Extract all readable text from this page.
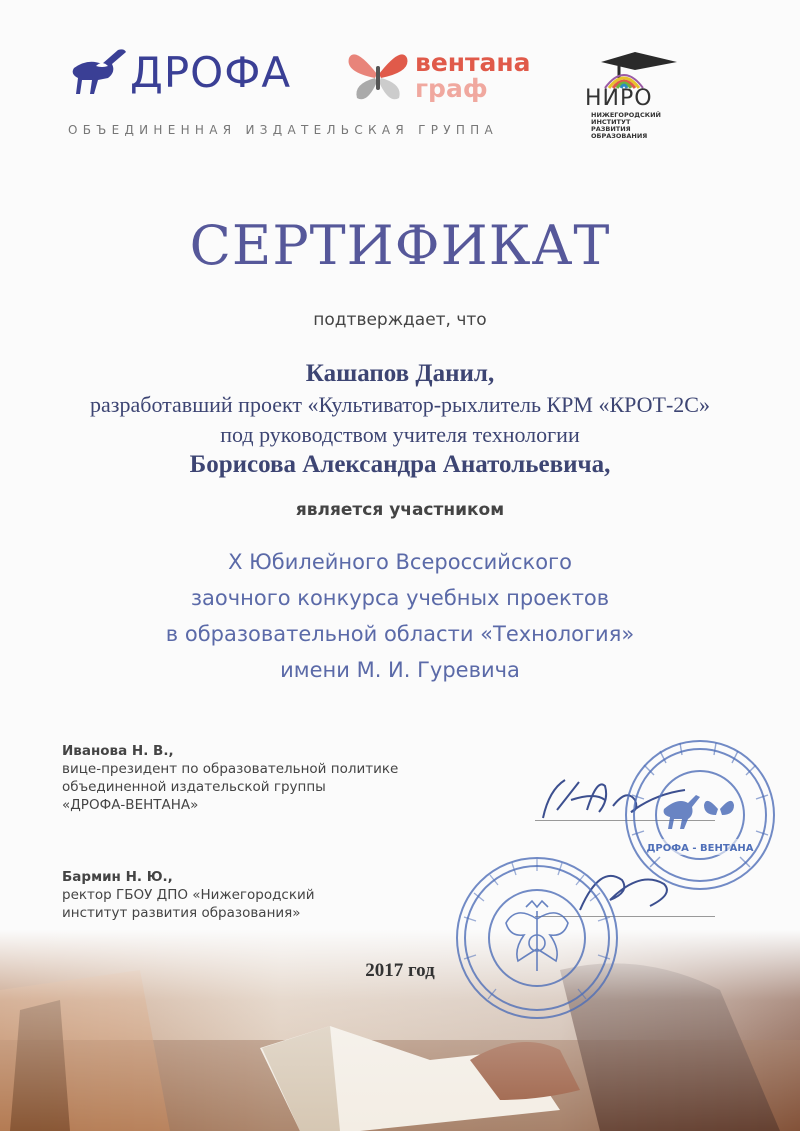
ДРОФА	вентана
граф
ОБЪЕДИНЕННАЯ ИЗДАТЕЛЬСКАЯ ГРУППА
НИРО
НИЖЕГОРОДСКИЙ
ИНСТИТУТ
РАЗВИТИЯ
ОБРАЗОВАНИЯ
СЕРТИФИКАТ
подтверждает, что
Кашапов Данил,
разработавший проект «Культиватор-рыхлитель КРМ «КРОТ-2С»
под руководством учителя технологии
Борисова Александра Анатольевича,
является участником
X Юбилейного Всероссийского
заочного конкурса учебных проектов
в образовательной области «Технология»
имени М. И. Гуревича
Иванова Н. В.,
вице-президент по образовательной политике
объединенной издательской группы
«ДРОФА-ВЕНТАНА»
Бармин Н. Ю.,
ректор ГБОУ ДПО «Нижегородский
институт развития образования»
ДРОФА - ВЕНТАНА
2017 год
